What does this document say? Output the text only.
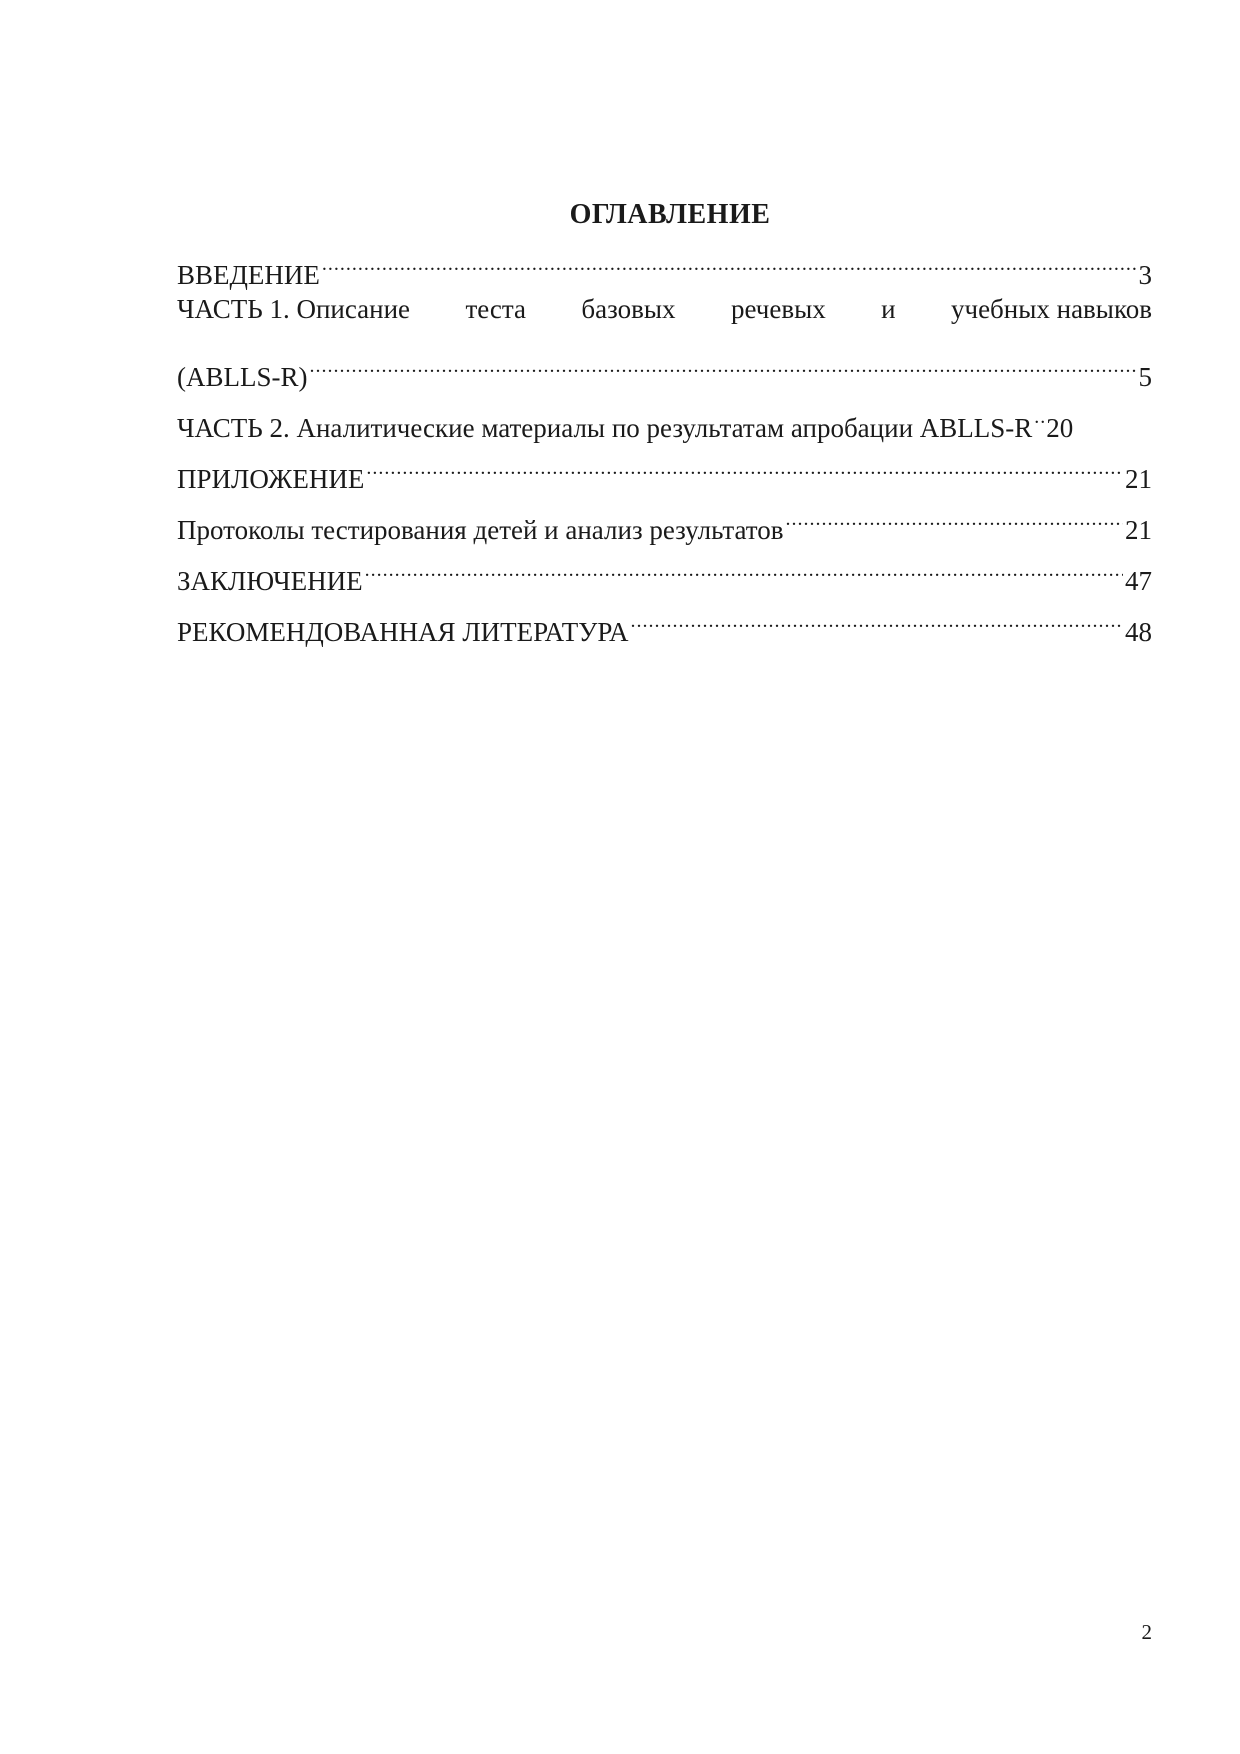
ОГЛАВЛЕНИЕ
ВВЕДЕНИЕ .....	3
ЧАСТЬ 1. Описание теста базовых речевых и учебных навыков
(ABLLS-R) .....	5
ЧАСТЬ 2. Аналитические материалы по результатам апробации ABLLS-R ..... 20
ПРИЛОЖЕНИЕ .....	21
Протоколы тестирования детей и анализ результатов .....	21
ЗАКЛЮЧЕНИЕ .....	47
РЕКОМЕНДОВАННАЯ ЛИТЕРАТУРА .....	48
2
